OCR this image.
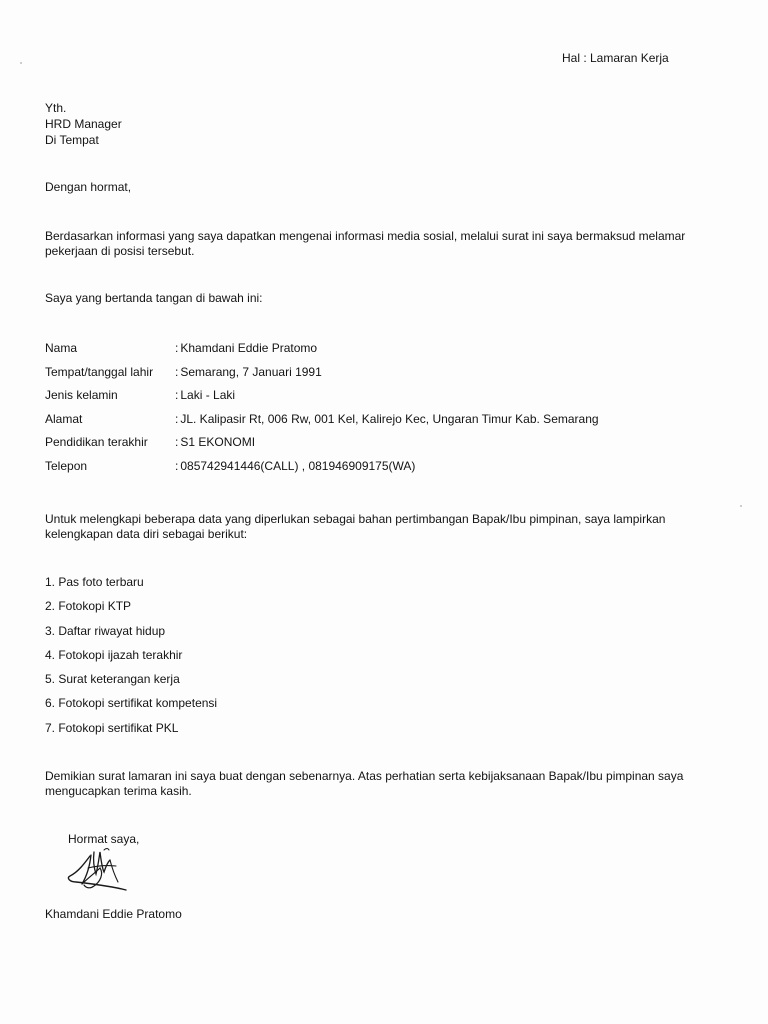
Hal : Lamaran Kerja
Yth.
HRD Manager
Di Tempat
Dengan hormat,
Berdasarkan informasi yang saya dapatkan mengenai informasi media sosial, melalui surat ini saya bermaksud melamar pekerjaan di posisi tersebut.
Saya yang bertanda tangan di bawah ini:
Nama	: Khamdani Eddie Pratomo
Tempat/tanggal lahir : Semarang, 7 Januari 1991
Jenis kelamin	: Laki - Laki
Alamat	: JL. Kalipasir Rt, 006 Rw, 001 Kel, Kalirejo Kec, Ungaran Timur Kab. Semarang
Pendidikan terakhir : S1 EKONOMI
Telepon	: 085742941446(CALL) , 081946909175(WA)
Untuk melengkapi beberapa data yang diperlukan sebagai bahan pertimbangan Bapak/Ibu pimpinan, saya lampirkan kelengkapan data diri sebagai berikut:
1. Pas foto terbaru
2. Fotokopi KTP
3. Daftar riwayat hidup
4. Fotokopi ijazah terakhir
5. Surat keterangan kerja
6. Fotokopi sertifikat kompetensi
7. Fotokopi sertifikat PKL
Demikian surat lamaran ini saya buat dengan sebenarnya. Atas perhatian serta kebijaksanaan Bapak/Ibu pimpinan saya mengucapkan terima kasih.
Hormat saya,
Khamdani Eddie Pratomo
